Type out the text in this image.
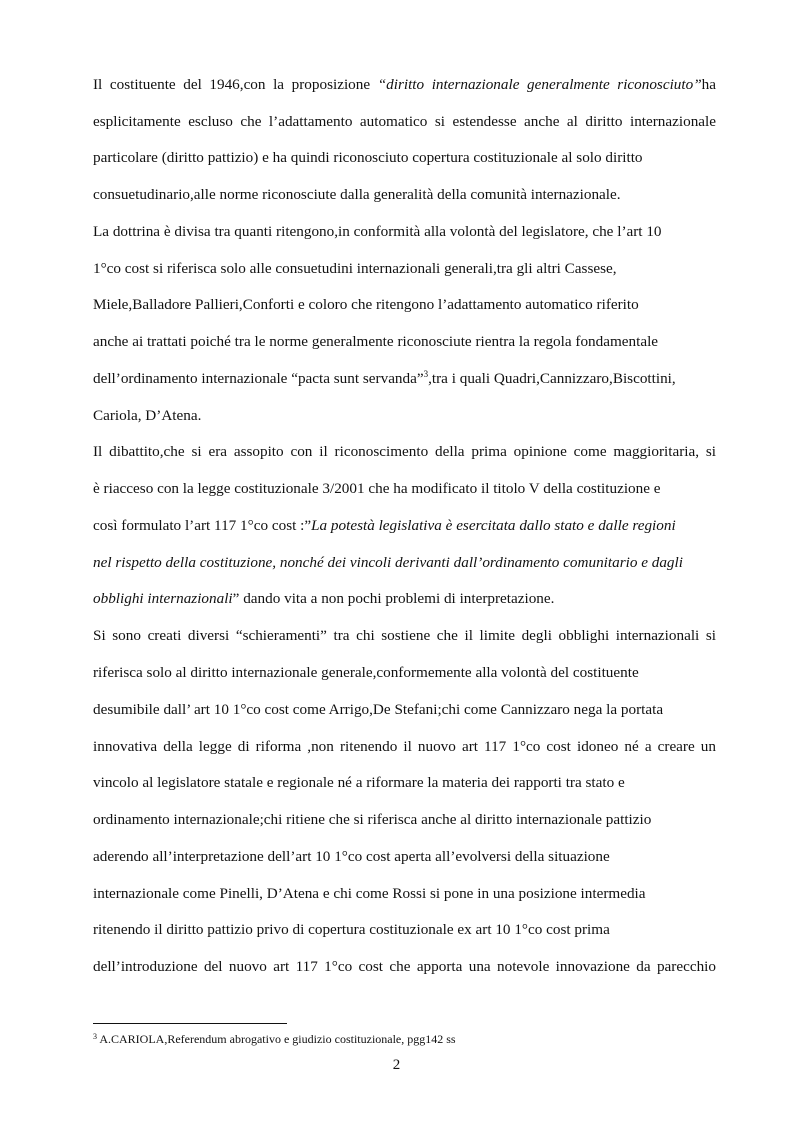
Il costituente del 1946,con la proposizione “diritto internazionale generalmente riconosciuto”ha
esplicitamente escluso che l’adattamento automatico si estendesse anche al diritto internazionale
particolare (diritto pattizio) e ha quindi riconosciuto copertura costituzionale al solo diritto
consuetudinario,alle norme riconosciute dalla generalità della comunità internazionale.
La dottrina è divisa tra quanti ritengono,in conformità alla volontà del legislatore, che l’art 10
1°co cost si riferisca solo alle consuetudini internazionali generali,tra gli altri Cassese,
Miele,Balladore Pallieri,Conforti e coloro che ritengono l’adattamento automatico riferito
anche ai trattati poiché tra le norme generalmente riconosciute rientra la regola fondamentale
dell’ordinamento internazionale “pacta sunt servanda”$^3$,tra i quali Quadri,Cannizzaro,Biscottini,
Cariola, D’Atena.
Il dibattito,che si era assopito con il riconoscimento della prima opinione come maggioritaria, si
è riacceso con la legge costituzionale 3/2001 che ha modificato il titolo V della costituzione e
così formulato l’art 117 1°co cost :”La potestà legislativa è esercitata dallo stato e dalle regioni
nel rispetto della costituzione, nonché dei vincoli derivanti dall’ordinamento comunitario e dagli
obblighi internazionali” dando vita a non pochi problemi di interpretazione.
Si sono creati diversi “schieramenti” tra chi sostiene che il limite degli obblighi internazionali si
riferisca solo al diritto internazionale generale,conformemente alla volontà del costituente
desumibile dall’ art 10 1°co cost come Arrigo,De Stefani;chi come Cannizzaro nega la portata
innovativa della legge di riforma ,non ritenendo il nuovo art 117 1°co cost idoneo né a creare un
vincolo al legislatore statale e regionale né a riformare la materia dei rapporti tra stato e
ordinamento internazionale;chi ritiene che si riferisca anche al diritto internazionale pattizio
aderendo all’interpretazione dell’art 10 1°co cost aperta all’evolversi della situazione
internazionale come Pinelli, D’Atena e chi come Rossi si pone in una posizione intermedia
ritenendo il diritto pattizio privo di copertura costituzionale ex art 10 1°co cost prima
dell’introduzione del nuovo art 117 1°co cost che apporta una notevole innovazione da parecchio
$^3$ A.CARIOLA,Referendum abrogativo e giudizio costituzionale, pgg142 ss
2
